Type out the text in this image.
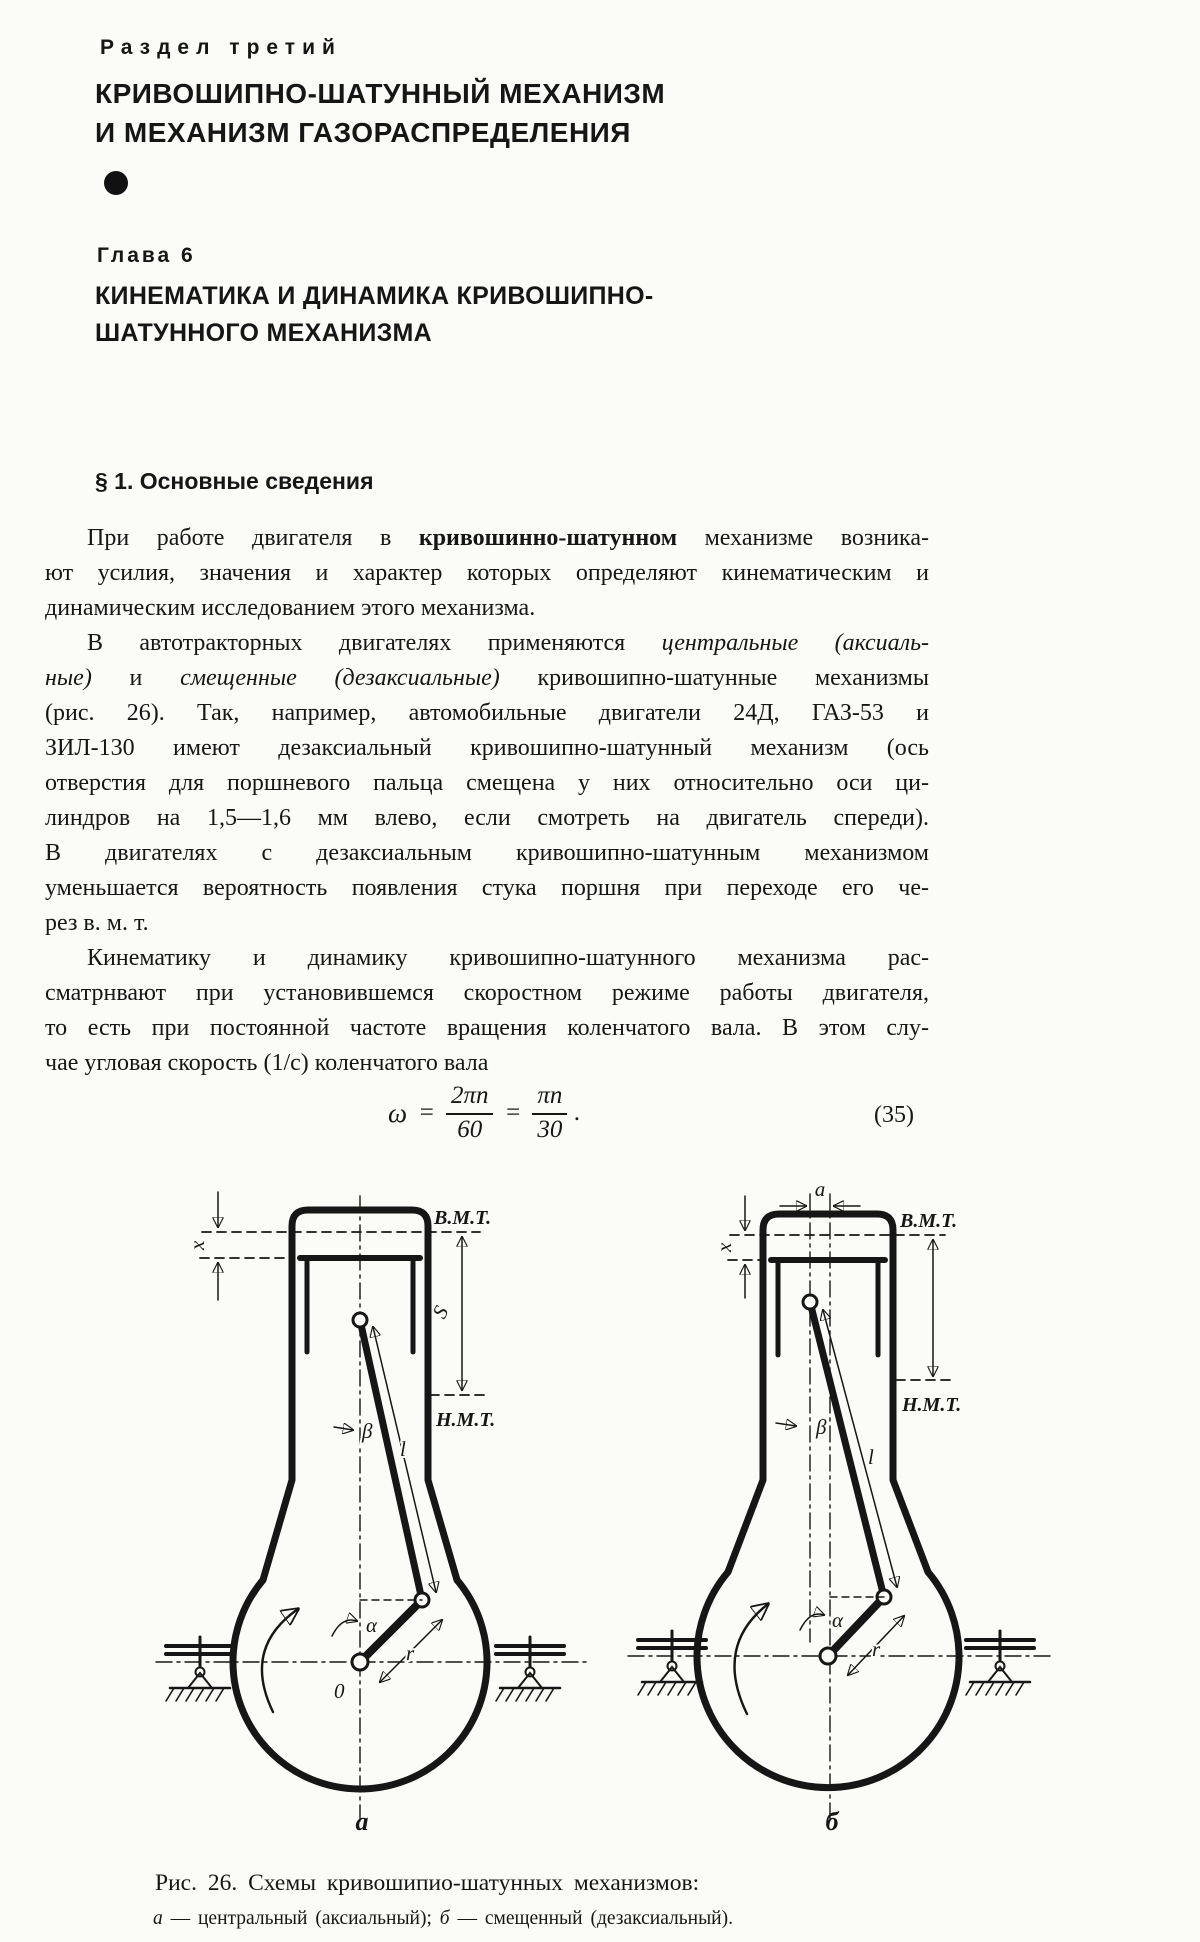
Раздел третий
КРИВОШИПНО-ШАТУННЫЙ МЕХАНИЗМ
И МЕХАНИЗМ ГАЗОРАСПРЕДЕЛЕНИЯ
Глава 6
КИНЕМАТИКА И ДИНАМИКА КРИВОШИПНО-
ШАТУННОГО МЕХАНИЗМА
§ 1. Основные сведения
При работе двигателя в кривошинно-шатунном механизме возника-
ют усилия, значения и характер которых определяют кинематическим и
динамическим исследованием этого механизма.
В автотракторных двигателях применяются центральные (аксиаль-
ные) и смещенные (дезаксиальные) кривошипно-шатунные механизмы
(рис. 26). Так, например, автомобильные двигатели 24Д, ГАЗ-53 и
ЗИЛ-130 имеют дезаксиальный кривошипно-шатунный механизм (ось
отверстия для поршневого пальца смещена у них относительно оси ци-
линдров на 1,5—1,6 мм влево, если смотреть на двигатель спереди).
В двигателях с дезаксиальным кривошипно-шатунным механизмом
уменьшается вероятность появления стука поршня при переходе его че-
рез в. м. т.
Кинематику и динамику кривошипно-шатунного механизма рас-
сматрнвают при установившемся скоростном режиме работы двигателя,
то есть при постоянной частоте вращения коленчатого вала. В этом слу-
чае угловая скорость (1/с) коленчатого вала
$\omega = \frac{2\pi n}{60} = \frac{\pi n}{30}$ .	(35)
х
l
β
α
r
0
В.М.Т.
Н.М.Т.
S
а
х
а
l
β
α
r
В.М.Т.
Н.М.Т.
б
Рис. 26. Схемы кривошипио-шатунных механизмов:
а — центральный (аксиальный); б — смещенный (дезаксиальный).
